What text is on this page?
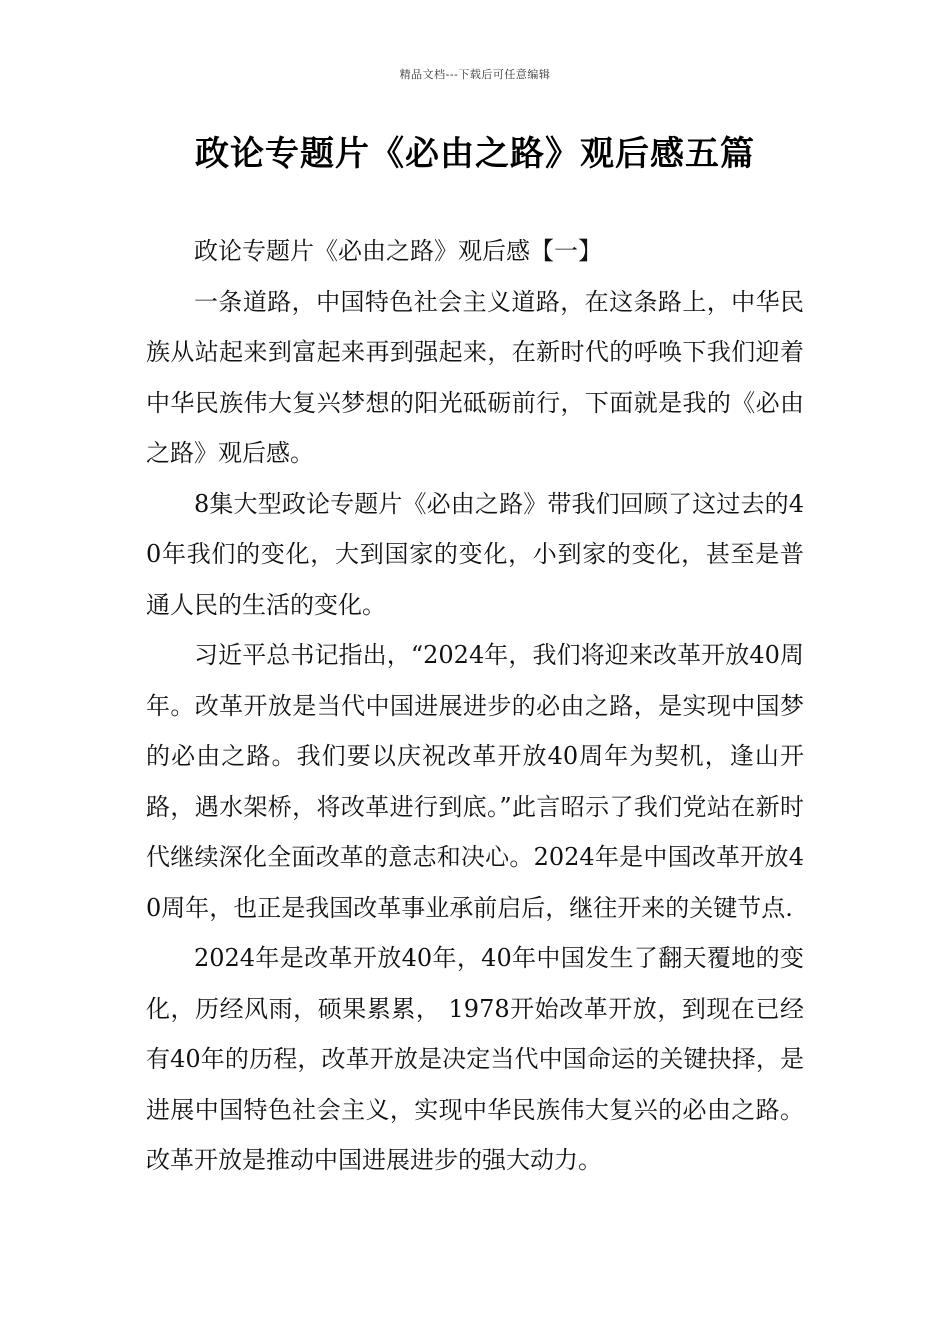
精品文档---下载后可任意编辑
政论专题片《必由之路》观后感五篇
政论专题片《必由之路》观后感【一】

一条道路，中国特色社会主义道路，在这条路上，中华民族从站起来到富起来再到强起来，在新时代的呼唤下我们迎着中华民族伟大复兴梦想的阳光砥砺前行，下面就是我的《必由之路》观后感。

8集大型政论专题片《必由之路》带我们回顾了这过去的40年我们的变化，大到国家的变化，小到家的变化，甚至是普通人民的生活的变化。

习近平总书记指出，“2024年，我们将迎来改革开放40周年。改革开放是当代中国进展进步的必由之路，是实现中国梦的必由之路。我们要以庆祝改革开放40周年为契机，逢山开路，遇水架桥，将改革进行到底。”此言昭示了我们党站在新时代继续深化全面改革的意志和决心。2024年是中国改革开放40周年，也正是我国改革事业承前启后，继往开来的关键节点.

2024年是改革开放40年，40年中国发生了翻天覆地的变化，历经风雨，硕果累累， 1978开始改革开放，到现在已经有40年的历程，改革开放是决定当代中国命运的关键抉择，是进展中国特色社会主义，实现中华民族伟大复兴的必由之路。改革开放是推动中国进展进步的强大动力。
